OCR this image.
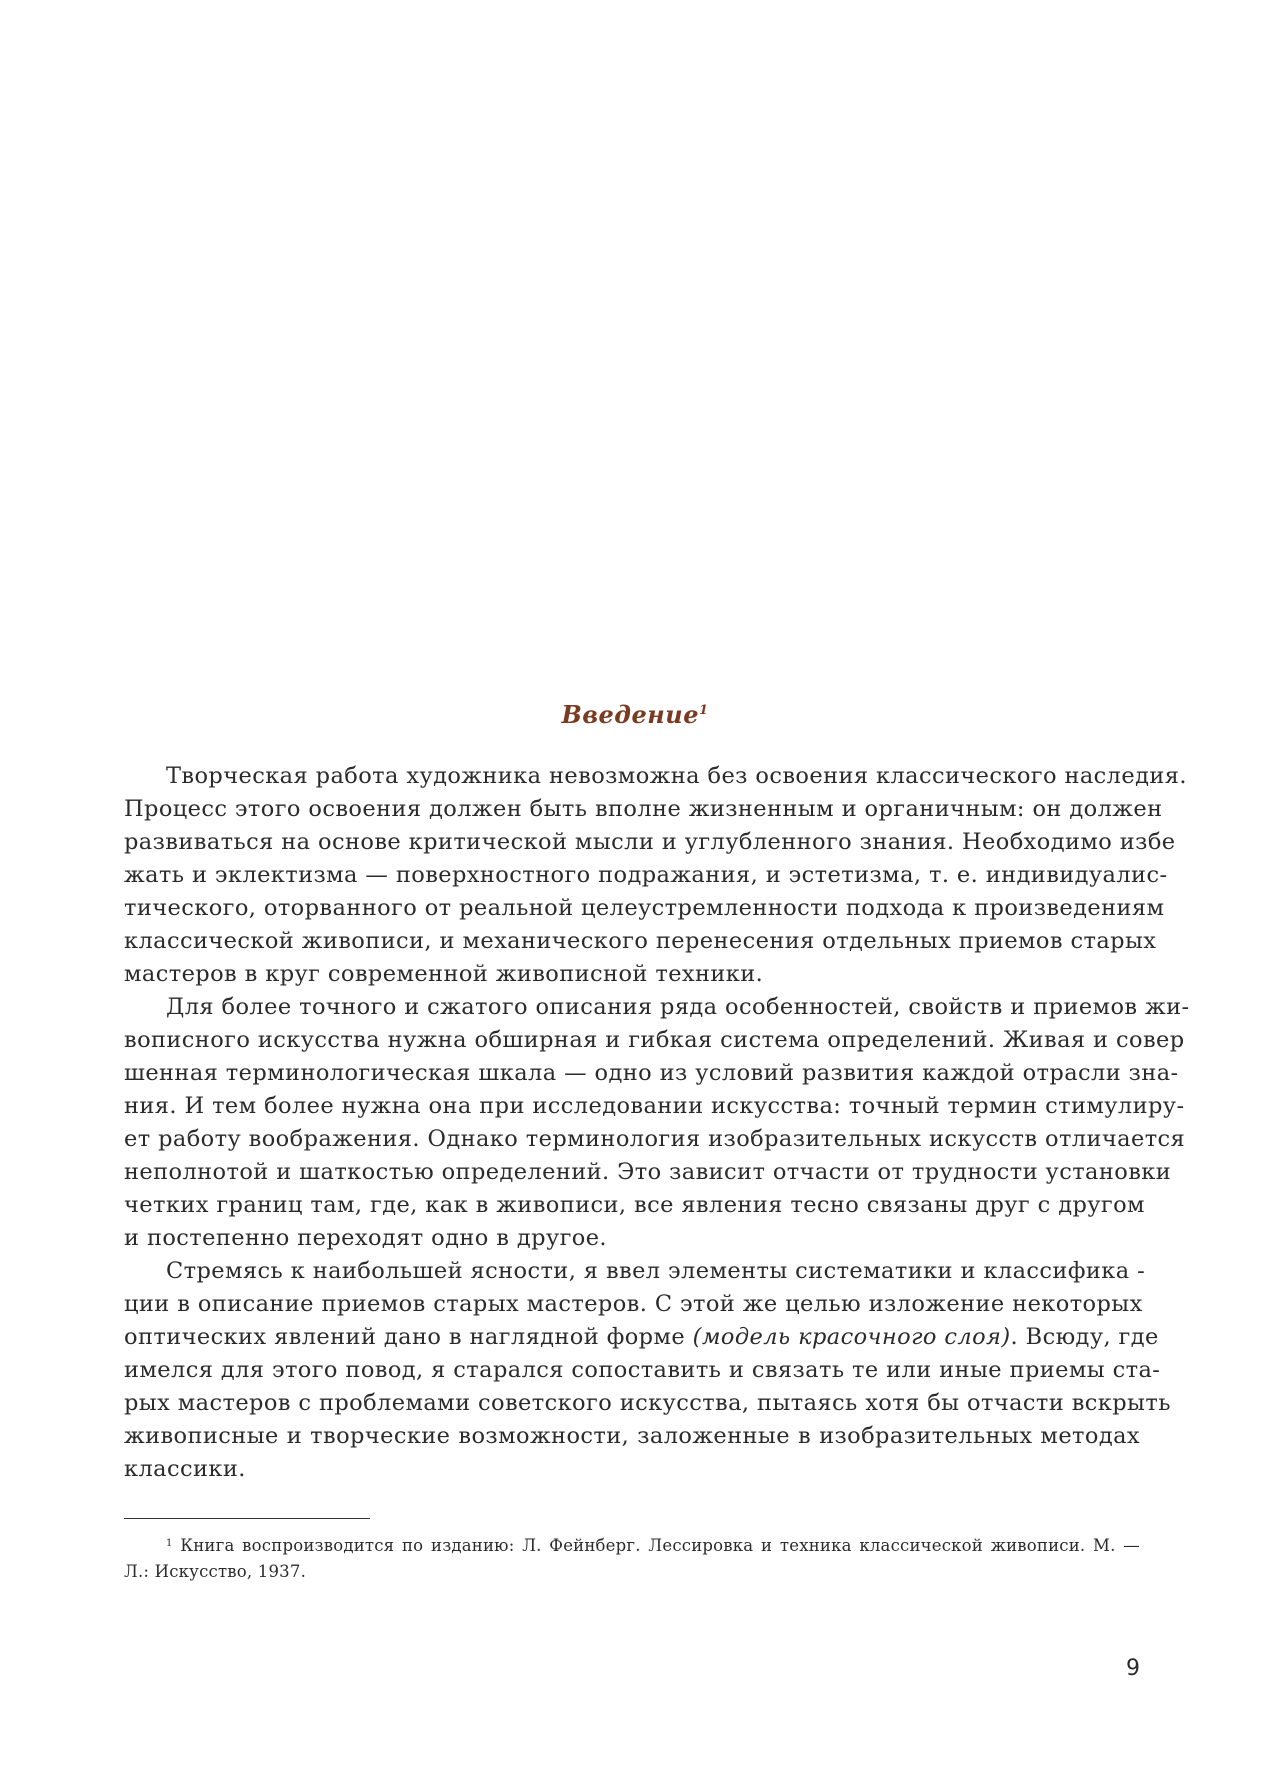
Введение$^1$
Творческая работа художника невозможна без освоения классического наследия.
Процесс этого освоения должен быть вполне жизненным и органичным: он должен
развиваться на основе критической мысли и углубленного знания. Необходимо избе
жать и эклектизма — поверхностного подражания, и эстетизма, т. е. индивидуалис-
тического, оторванного от реальной целеустремленности подхода к произведениям
классической живописи, и механического перенесения отдельных приемов старых
мастеров в круг современной живописной техники.
Для более точного и сжатого описания ряда особенностей, свойств и приемов жи-
вописного искусства нужна обширная и гибкая система определений. Живая и совер
шенная терминологическая шкала — одно из условий развития каждой отрасли зна-
ния. И тем более нужна она при исследовании искусства: точный термин стимулиру-
ет работу воображения. Однако терминология изобразительных искусств отличается
неполнотой и шаткостью определений. Это зависит отчасти от трудности установки
четких границ там, где, как в живописи, все явления тесно связаны друг с другом
и постепенно переходят одно в другое.
Стремясь к наибольшей ясности, я ввел элементы систематики и классифика -
ции в описание приемов старых мастеров. С этой же целью изложение некоторых
оптических явлений дано в наглядной форме (модель красочного слоя). Всюду, где
имелся для этого повод, я старался сопоставить и связать те или иные приемы ста-
рых мастеров с проблемами советского искусства, пытаясь хотя бы отчасти вскрыть
живописные и творческие возможности, заложенные в изобразительных методах
классики.
$^1$ Книга воспроизводится по изданию: Л. Фейнберг. Лессировка и техника классической живописи. М. —
Л.: Искусство, 1937.
9
